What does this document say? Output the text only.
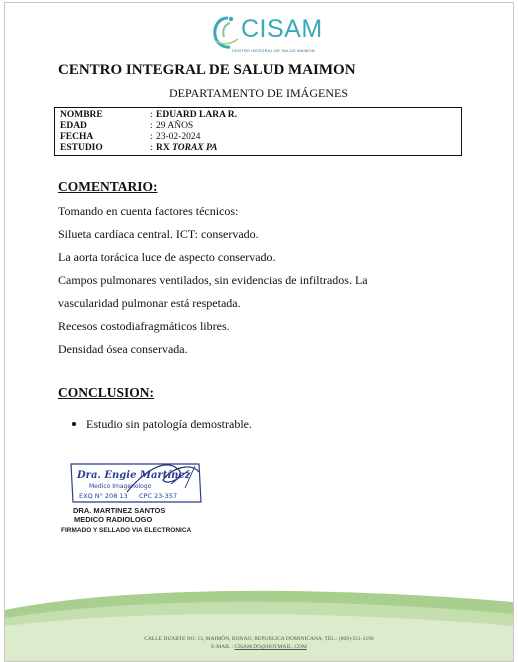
CISAM
CENTRO INTEGRAL DE SALUD MAIMON
CENTRO INTEGRAL DE SALUD MAIMON
DEPARTAMENTO DE IMÁGENES
NOMBRE	: EDUARD LARA R.
EDAD	: 29 AÑOS
FECHA	: 23-02-2024
ESTUDIO	: RX TORAX PA
COMENTARIO:
Tomando en cuenta factores técnicos:
Silueta cardíaca central. ICT: conservado.
La aorta torácica luce de aspecto conservado.
Campos pulmonares ventilados, sin evidencias de infiltrados. La
vascularidad pulmonar está respetada.
Recesos costodiafragmáticos libres.
Densidad ósea conservada.
CONCLUSION:
Estudio sin patología demostrable.
Dra. Engie Martínez
Medico Imagenologo
EXQ N° 208 13 CPC 23-357
DRA. MARTINEZ SANTOS
MEDICO RADIOLOGO
FIRMADO Y SELLADO VIA ELECTRONICA
CALLE DUARTE NO. 13, MAIMÓN, BONAO, REPUBLICA DOMINICANA, TEL.: (809)-551-2196
E-MAIL : CISAM.DO@HOTMAIL. COM
